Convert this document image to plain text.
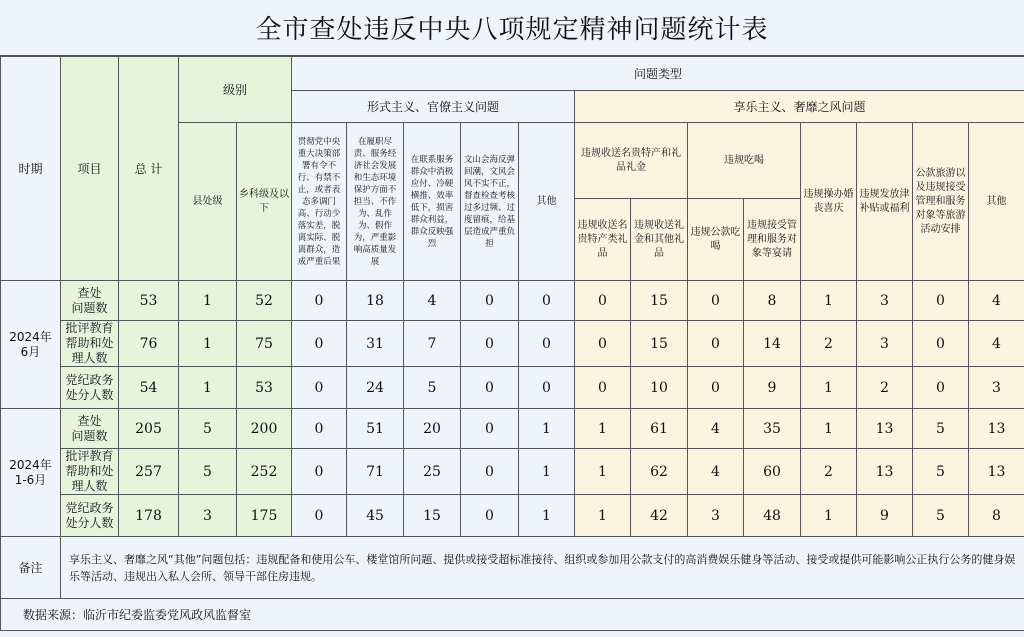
全市查处违反中央八项规定精神问题统计表
时期	项目	总 计	级别		问题类型												
					形式主义、官僚主义问题					享乐主义、奢靡之风问题							
			县处级	乡科级及以下	贯彻党中央重大决策部署有令不行、有禁不止，或者表态多调门高、行动少落实差，脱离实际、脱离群众，造成严重后果	在履职尽责、服务经济社会发展和生态环境保护方面不担当、不作为、乱作为、假作为，严重影响高质量发展	在联系服务群众中消极应付、冷硬横推、效率低下，损害群众利益，群众反映强烈	文山会海反弹回潮，文风会风不实不正，督查检查考核过多过频、过度留痕，给基层造成严重负担	其他	违规收送名贵特产和礼品礼金		违规吃喝		违规操办婚丧喜庆	违规发放津补贴或福利	公款旅游以及违规接受管理和服务对象等旅游活动安排	其他
										违规收送名贵特产类礼品	违规收送礼金和其他礼品	违规公款吃喝	违规接受管理和服务对象等宴请				
2024年
6月	查处
问题数	53	1	52	0	18	4	0	0	0	15	0	8	1	3	0	4
	批评教育
帮助和处
理人数	76	1	75	0	31	7	0	0	0	15	0	14	2	3	0	4
	党纪政务
处分人数	54	1	53	0	24	5	0	0	0	10	0	9	1	2	0	3
2024年
1-6月	查处
问题数	205	5	200	0	51	20	0	1	1	61	4	35	1	13	5	13
	批评教育
帮助和处
理人数	257	5	252	0	71	25	0	1	1	62	4	60	2	13	5	13
	党纪政务
处分人数	178	3	175	0	45	15	0	1	1	42	3	48	1	9	5	8
备注	享乐主义、奢靡之风“其他”问题包括：违规配备和使用公车、楼堂馆所问题、提供或接受超标准接待、组织或参加用公款支付的高消费娱乐健身等活动、接受或提供可能影响公正执行公务的健身娱乐等活动、违规出入私人会所、领导干部住房违规。																
数据来源：临沂市纪委监委党风政风监督室																	
